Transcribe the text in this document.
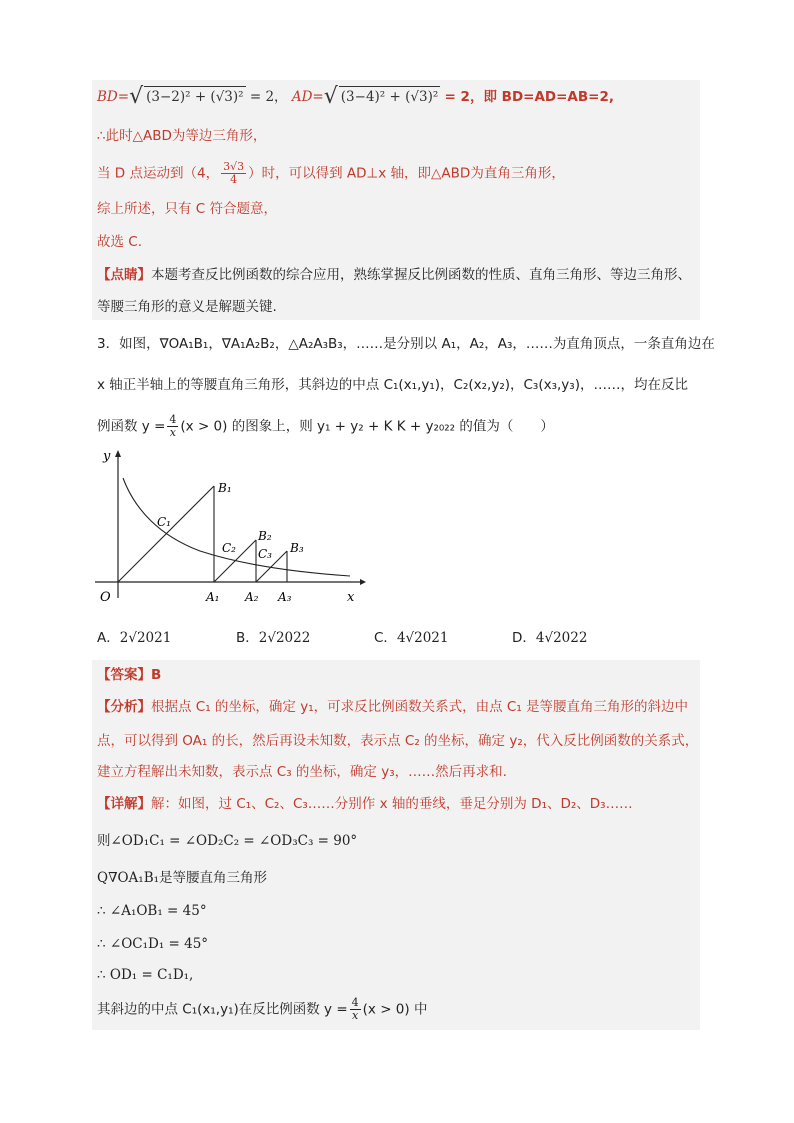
BD=√ (3−2)² + (√3)² = 2， AD=√ (3−4)² + (√3)² = 2，即 BD=AD=AB=2,
∴此时△ABD为等边三角形，
当 D 点运动到（4， $\frac{3√3}{4}$ ）时，可以得到 AD⊥x 轴，即△ABD为直角三角形，
综上所述，只有 C 符合题意，
故选 C.
【点睛】本题考查反比例函数的综合应用，熟练掌握反比例函数的性质、直角三角形、等边三角形、
等腰三角形的意义是解题关键.
3．如图，∇OA₁B₁，∇A₁A₂B₂，△A₂A₃B₃，……是分别以 A₁，A₂，A₃，……为直角顶点，一条直角边在
x 轴正半轴上的等腰直角三角形，其斜边的中点 C₁(x₁,y₁)，C₂(x₂,y₂)，C₃(x₃,y₃)，……，均在反比
例函数 $y = \frac{4}{x} (x > 0)$ 的图象上，则 y₁ + y₂ + K K + y₂₀₂₂ 的值为（　　）
y
x
O
B₁
B₂
B₃
C₁
C₂ C₃
A₁ A₂ A₃
A．2√2021	B．2√2022	C．4√2021	D．4√2022
【答案】B
【分析】根据点 C₁ 的坐标，确定 y₁，可求反比例函数关系式，由点 C₁ 是等腰直角三角形的斜边中
点，可以得到 OA₁ 的长，然后再设未知数，表示点 C₂ 的坐标，确定 y₂，代入反比例函数的关系式，
建立方程解出未知数，表示点 C₃ 的坐标，确定 y₃，……然后再求和.
【详解】解：如图，过 C₁、C₂、C₃……分别作 x 轴的垂线，垂足分别为 D₁、D₂、D₃……
则∠OD₁C₁ = ∠OD₂C₂ = ∠OD₃C₃ = 90°
Q∇OA₁B₁是等腰直角三角形
∴ ∠A₁OB₁ = 45°
∴ ∠OC₁D₁ = 45°
∴ OD₁ = C₁D₁,
其斜边的中点 C₁(x₁,y₁)在反比例函数 $y = \frac{4}{x} (x > 0)$ 中
